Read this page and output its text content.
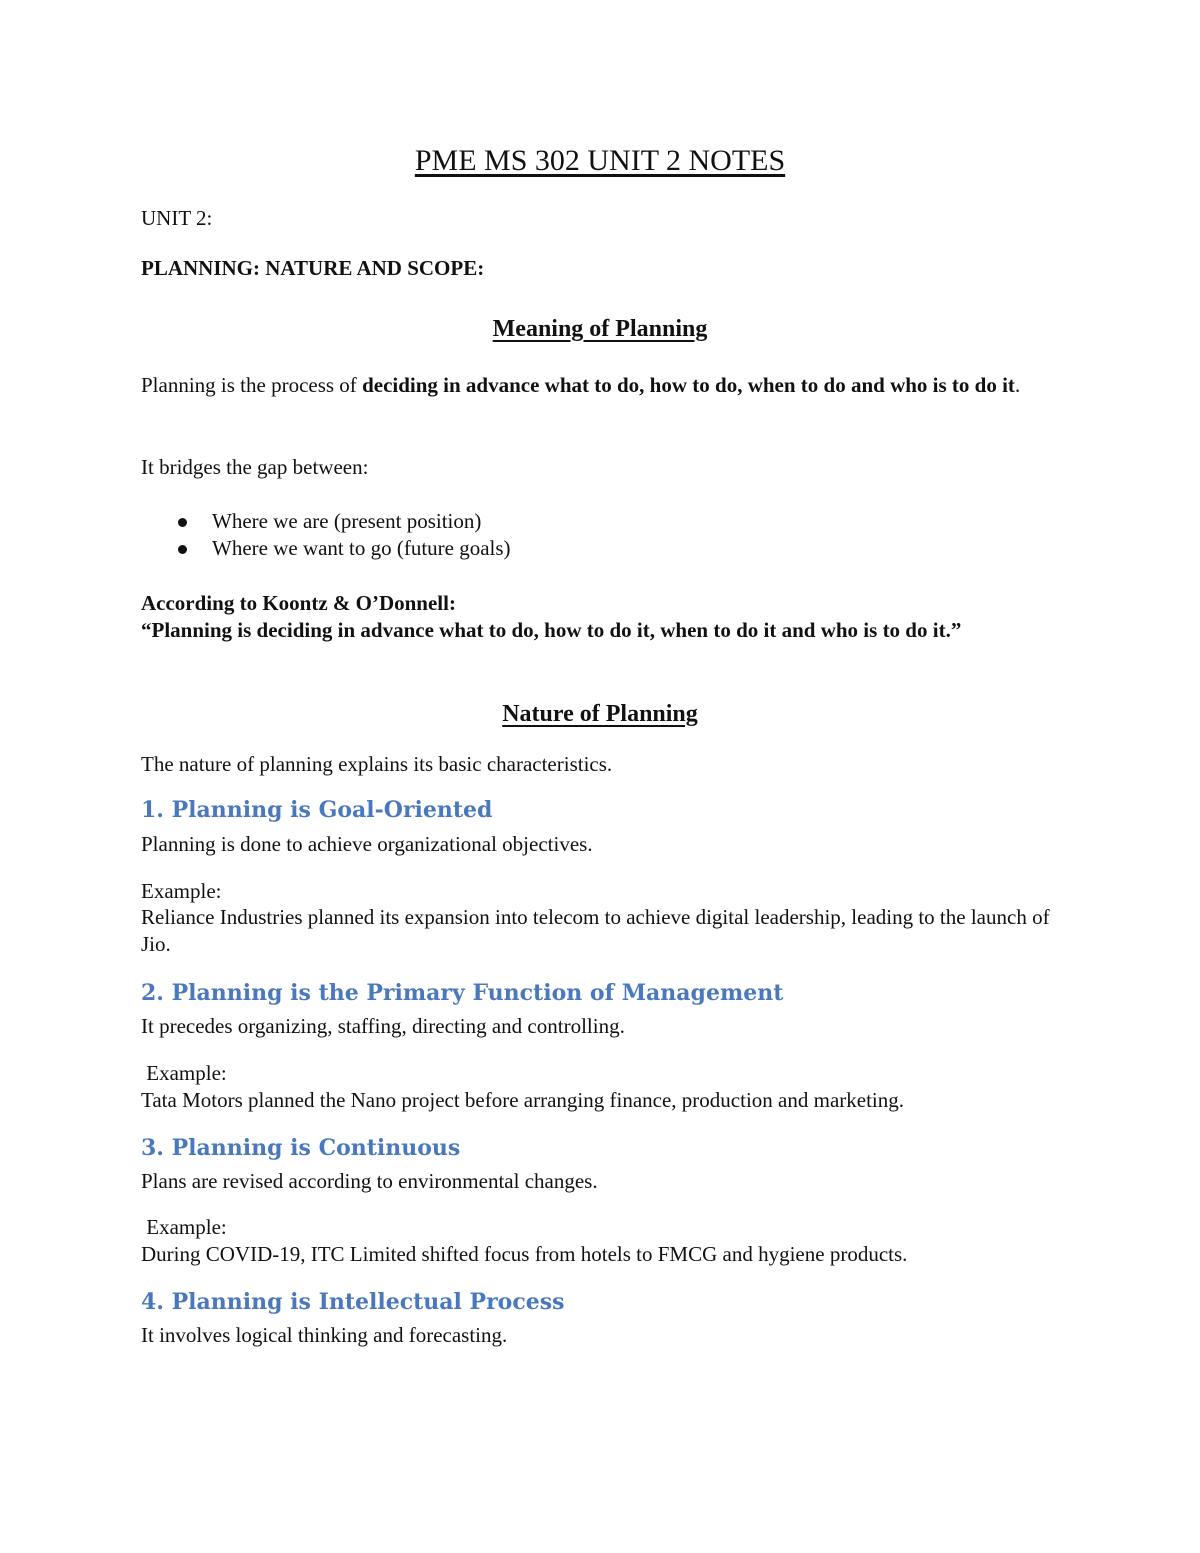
PME MS 302 UNIT 2 NOTES
UNIT 2:
PLANNING: NATURE AND SCOPE:
Meaning of Planning
Planning is the process of deciding in advance what to do, how to do, when to do and who is to do it.
It bridges the gap between:
Where we are (present position)
Where we want to go (future goals)
According to Koontz & O’Donnell:
“Planning is deciding in advance what to do, how to do it, when to do it and who is to do it.”
Nature of Planning
The nature of planning explains its basic characteristics.
1. Planning is Goal-Oriented
Planning is done to achieve organizational objectives.
Example:
Reliance Industries planned its expansion into telecom to achieve digital leadership, leading to the launch of Jio.
2. Planning is the Primary Function of Management
It precedes organizing, staffing, directing and controlling.
Example:
Tata Motors planned the Nano project before arranging finance, production and marketing.
3. Planning is Continuous
Plans are revised according to environmental changes.
Example:
During COVID-19, ITC Limited shifted focus from hotels to FMCG and hygiene products.
4. Planning is Intellectual Process
It involves logical thinking and forecasting.
